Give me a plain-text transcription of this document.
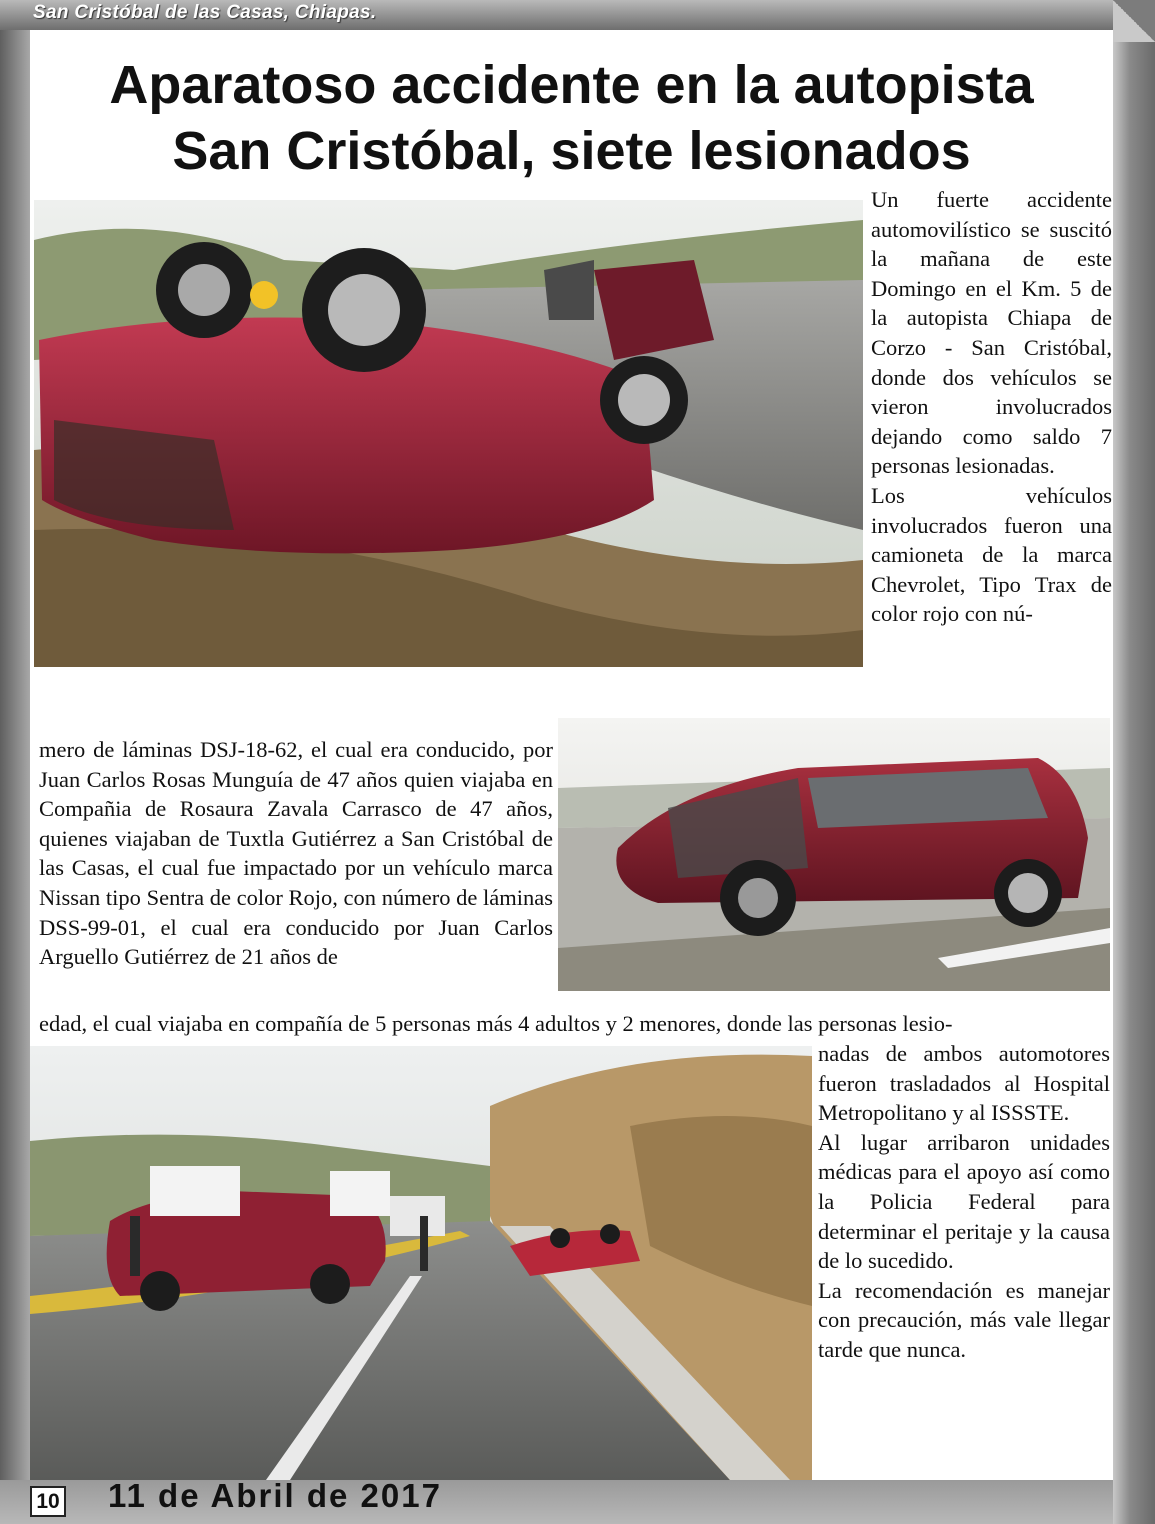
San Cristóbal de las Casas, Chiapas.
Aparatoso accidente en la autopista
San Cristóbal, siete lesionados

Un fuerte accidente automovilístico se suscitó la mañana de este Domingo en el Km. 5 de la autopista Chiapa de Corzo - San Cristóbal, donde dos vehículos se vieron involucrados dejando como saldo 7 personas lesionadas.

Los vehículos involucrados fueron una camioneta de la marca Chevrolet, Tipo Trax de color rojo con nú-

mero de láminas DSJ-18-62, el cual era conducido, por Juan Carlos Rosas Munguía de 47 años quien viajaba en Compañia de Rosaura Zavala Carrasco de 47 años, quienes viajaban de Tuxtla Gutiérrez a San Cristóbal de las Casas, el cual fue impactado por un vehículo marca Nissan tipo Sentra de color Rojo, con número de láminas DSS-99-01, el cual era conducido por Juan Carlos Arguello Gutiérrez de 21 años de

edad, el cual viajaba en compañía de 5 personas más 4 adultos y 2 menores, donde las personas lesio-

nadas de ambos automotores fueron trasladados al Hospital Metropolitano y al ISSSTE.

Al lugar arribaron unidades médicas para el apoyo así como la Policia Federal para determinar el peritaje y la causa de lo sucedido.

La recomendación es manejar con precaución, más vale llegar tarde que nunca.

10 11 de Abril de 2017
